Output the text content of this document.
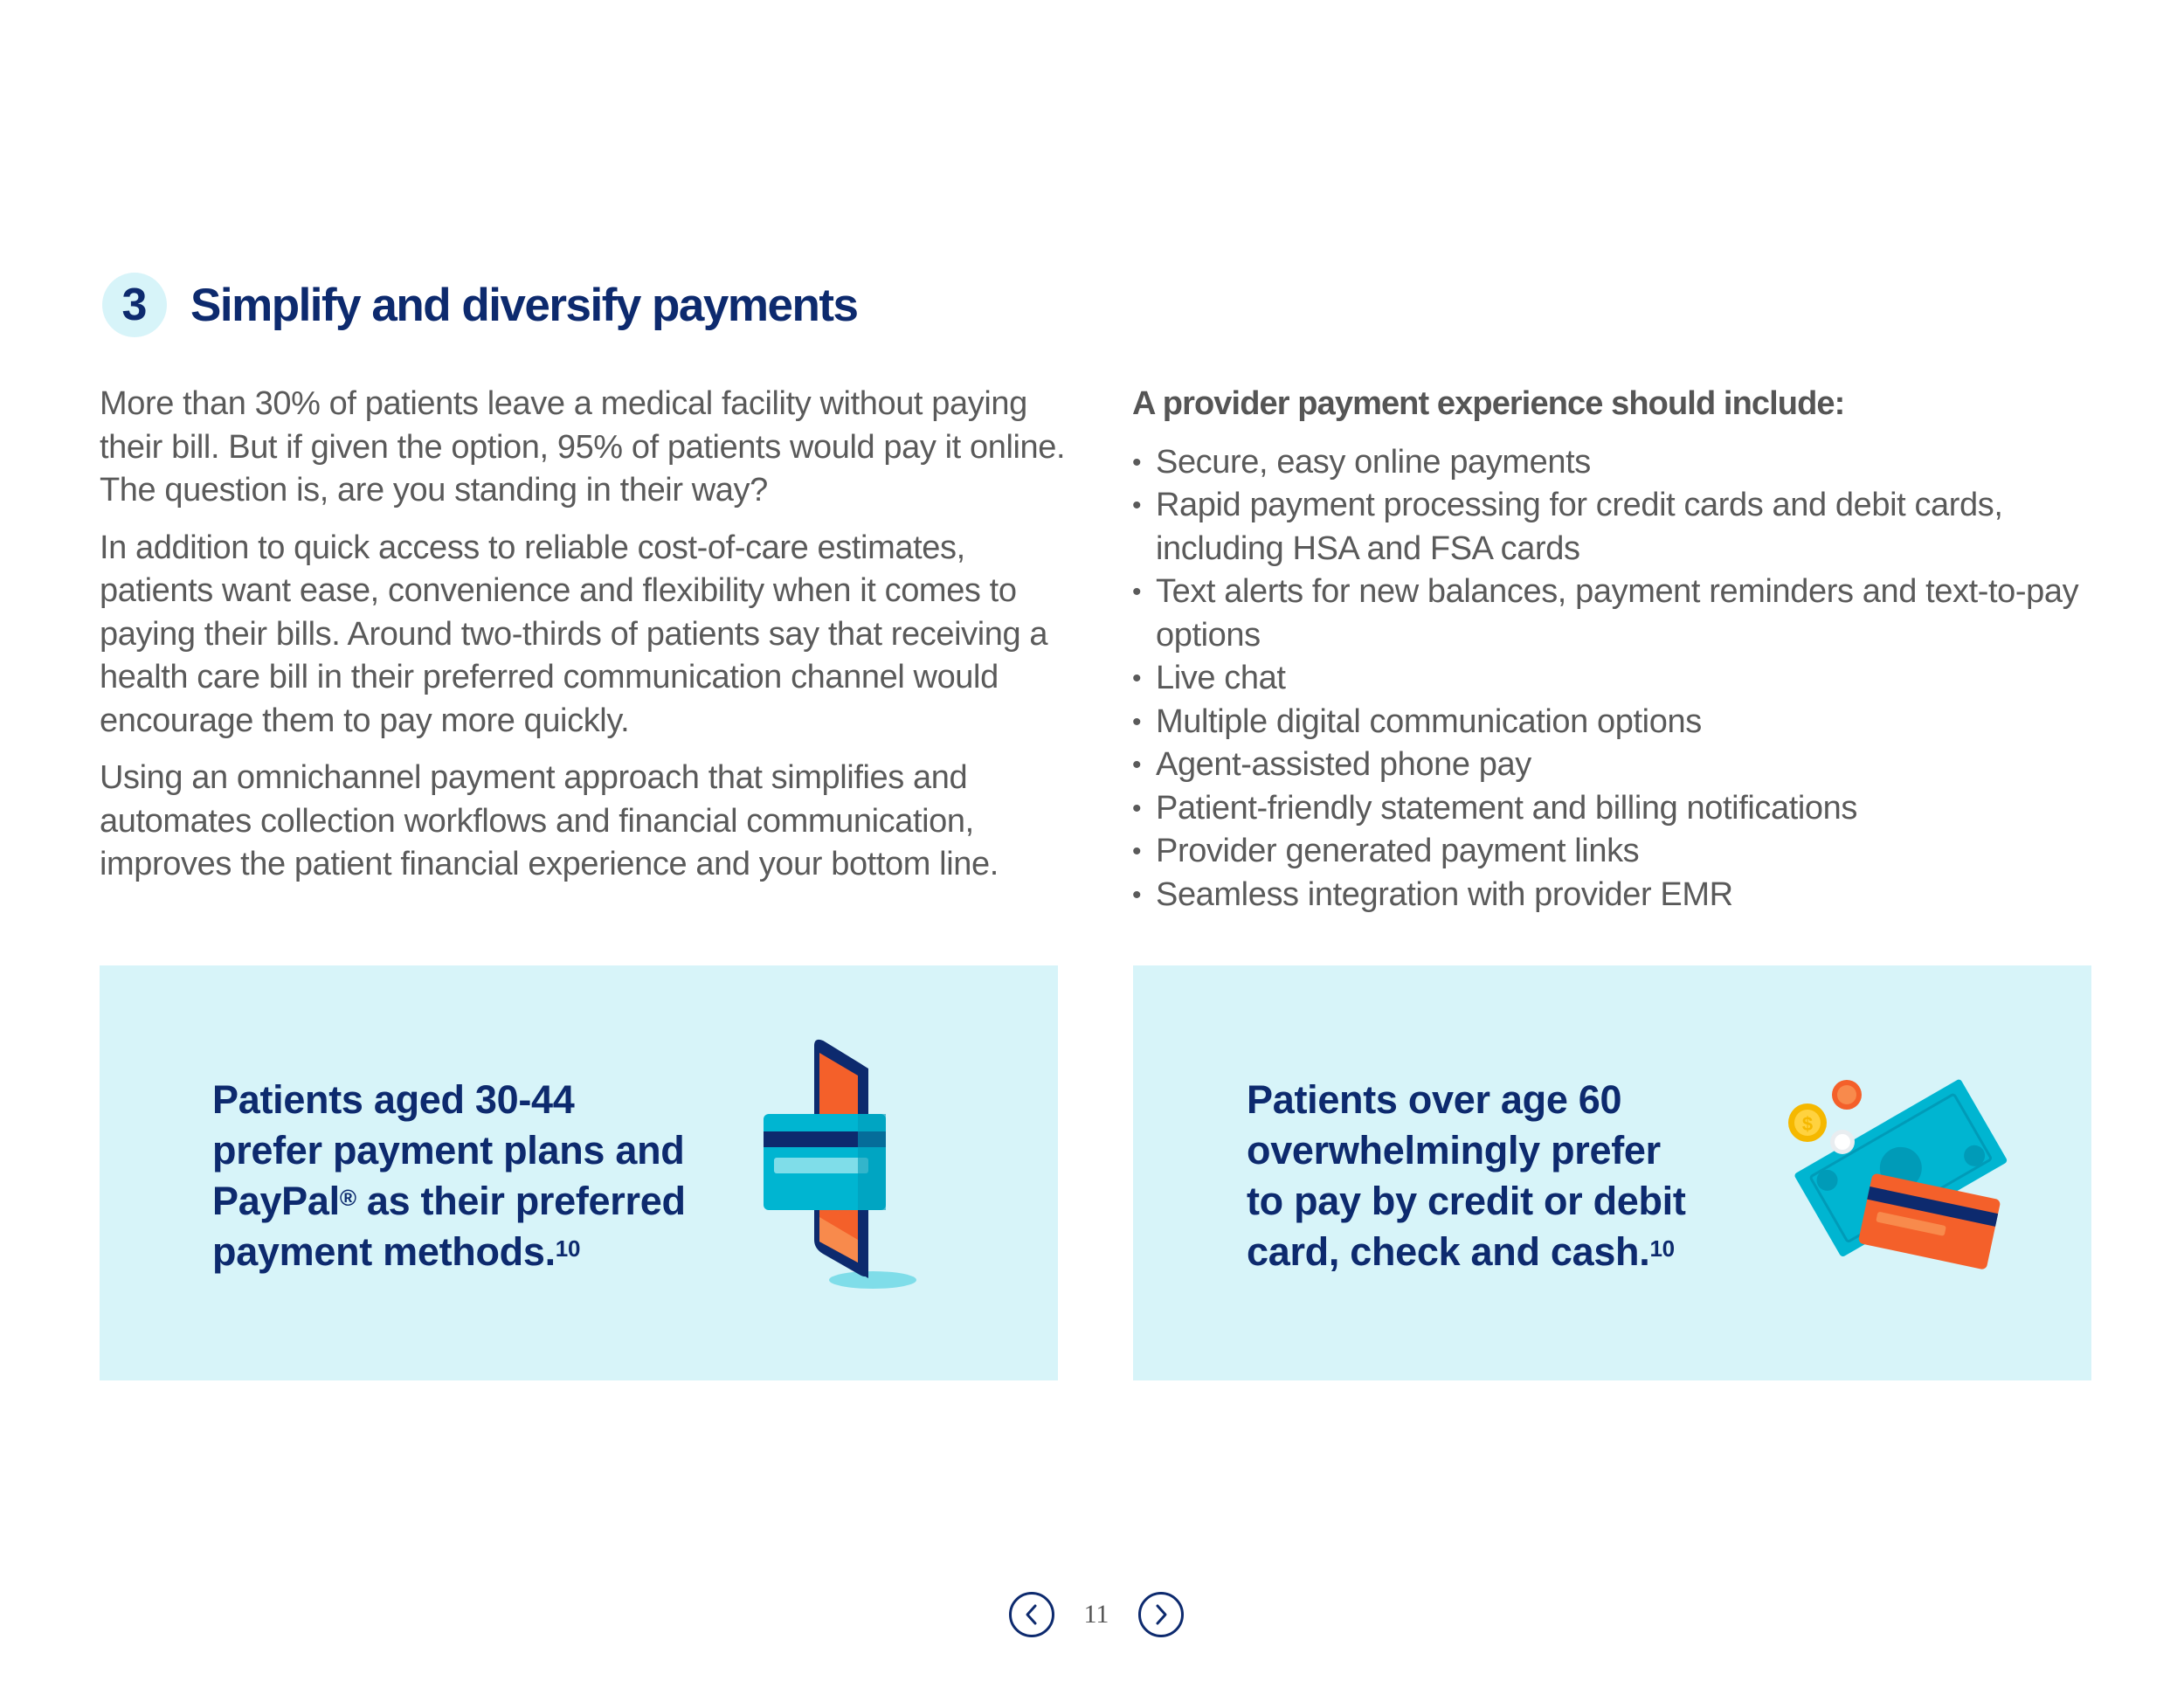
3 Simplify and diversify payments

More than 30% of patients leave a medical facility without paying their bill. But if given the option, 95% of patients would pay it online. The question is, are you standing in their way?

In addition to quick access to reliable cost-of-care estimates, patients want ease, convenience and flexibility when it comes to paying their bills. Around two-thirds of patients say that receiving a health care bill in their preferred communication channel would encourage them to pay more quickly.

Using an omnichannel payment approach that simplifies and automates collection workflows and financial communication, improves the patient financial experience and your bottom line.

A provider payment experience should include:
• Secure, easy online payments
• Rapid payment processing for credit cards and debit cards, including HSA and FSA cards
• Text alerts for new balances, payment reminders and text-to-pay options
• Live chat
• Multiple digital communication options
• Agent-assisted phone pay
• Patient-friendly statement and billing notifications
• Provider generated payment links
• Seamless integration with provider EMR

Patients aged 30-44
prefer payment plans and
PayPal® as their preferred
payment methods.$^{10}$

Patients over age 60
overwhelmingly prefer
to pay by credit or debit
card, check and cash.$^{10}$

$
11
